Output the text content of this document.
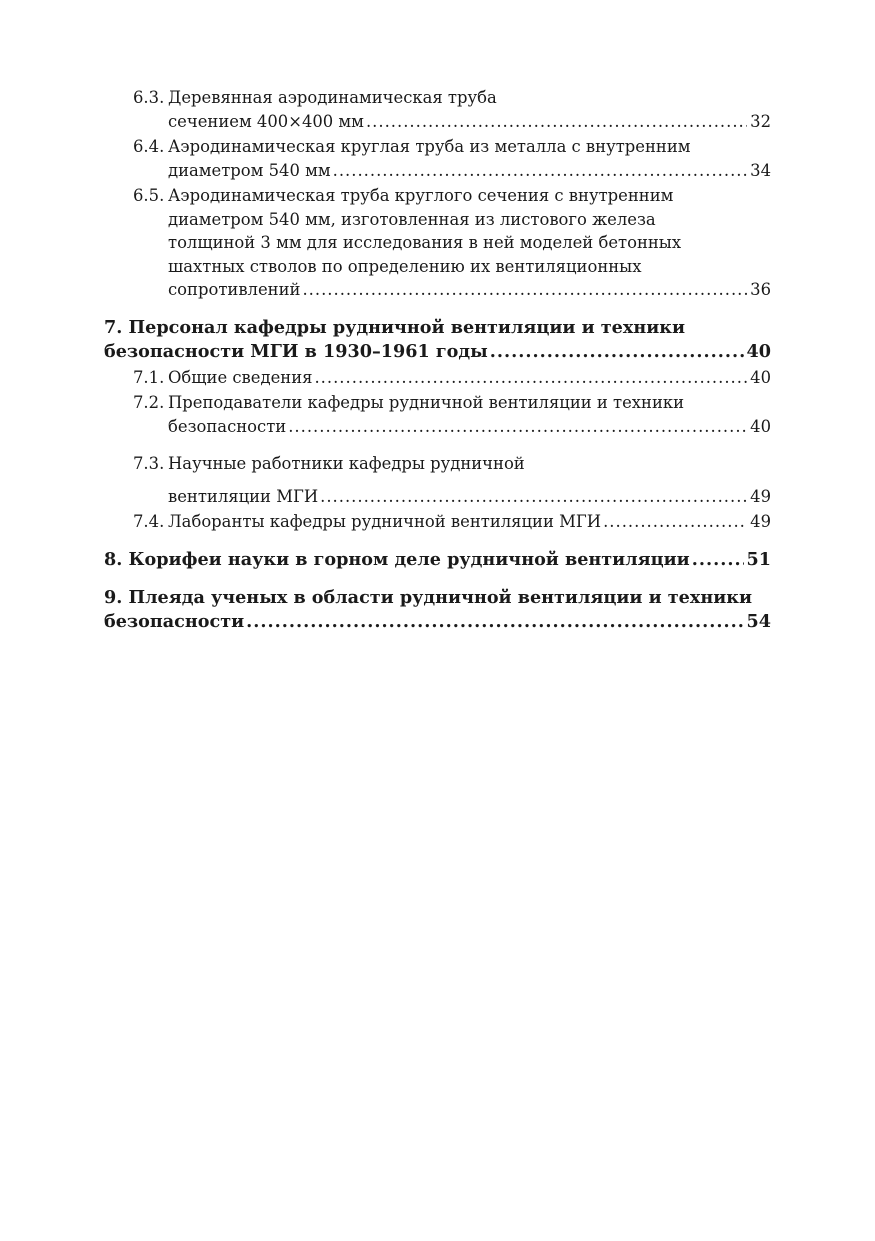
6.3. Деревянная аэродинамическая труба
сечением 400×400 мм .....	32
6.4. Аэродинамическая круглая труба из металла с внутренним
диаметром 540 мм .....	34
6.5. Аэродинамическая труба круглого сечения с внутренним
диаметром 540 мм, изготовленная из листового железа
толщиной 3 мм для исследования в ней моделей бетонных
шахтных стволов по определению их вентиляционных
сопротивлений .....	36
7. Персонал кафедры рудничной вентиляции и техники
безопасности МГИ в 1930–1961 годы .....	40
7.1. Общие сведения .....	40
7.2. Преподаватели кафедры рудничной вентиляции и техники
безопасности .....	40
7.3. Научные работники кафедры рудничной
вентиляции МГИ .....	49
7.4. Лаборанты кафедры рудничной вентиляции МГИ .....	49
8. Корифеи науки в горном деле рудничной вентиляции .....	51
9. Плеяда ученых в области рудничной вентиляции и техники
безопасности .....	54
